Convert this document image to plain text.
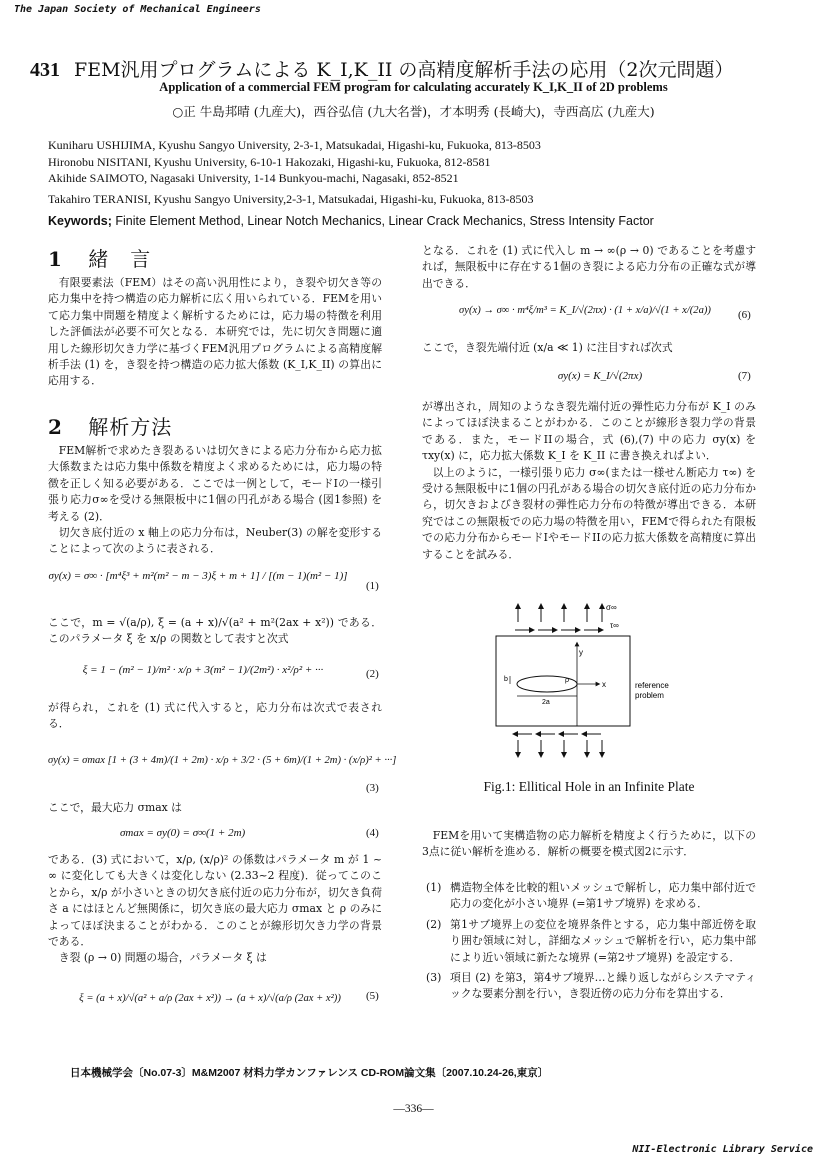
The Japan Society of Mechanical Engineers
431 FEM汎用プログラムによる K_I,K_II の高精度解析手法の応用（2次元問題）
Application of a commercial FEM program for calculating accurately K_I,K_II of 2D problems
○正 牛島邦晴 (九産大)，西谷弘信 (九大名誉)，才本明秀 (長崎大)，寺西高広 (九産大)
Kuniharu USHIJIMA, Kyushu Sangyo University, 2-3-1, Matsukadai, Higashi-ku, Fukuoka, 813-8503
Hironobu NISITANI, Kyushu University, 6-10-1 Hakozaki, Higashi-ku, Fukuoka, 812-8581
Akihide SAIMOTO, Nagasaki University, 1-14 Bunkyou-machi, Nagasaki, 852-8521
Takahiro TERANISI, Kyushu Sangyo University,2-3-1, Matsukadai, Higashi-ku, Fukuoka, 813-8503
Keywords; Finite Element Method, Linear Notch Mechanics, Linear Crack Mechanics, Stress Intensity Factor
1 緒　言

有限要素法（FEM）はその高い汎用性により，き裂や切欠き等の応力集中を持つ構造の応力解析に広く用いられている．FEMを用いて応力集中問題を精度よく解析するためには，応力場の特徴を利用した評価法が必要不可欠となる．本研究では，先に切欠き問題に適用した線形切欠き力学に基づくFEM汎用プログラムによる高精度解析手法 (1) を，き裂を持つ構造の応力拡大係数 (K_I,K_II) の算出に応用する．

2 解析方法

FEM解析で求めたき裂あるいは切欠きによる応力分布から応力拡大係数または応力集中係数を精度よく求めるためには，応力場の特徴を正しく知る必要がある．ここでは一例として，モードIの一様引張り応力σ∞を受ける無限板中に1個の円孔がある場合 (図1参照) を考える (2)．

切欠き底付近の x 軸上の応力分布は，Neuber(3) の解を変形することによって次のように表される．

σy(x) = σ∞ · [m⁴ξ³ + m²(m² − m − 3)ξ + m + 1] / [(m − 1)(m² − 1)]
(1)

ここで，m = √(a/ρ), ξ = (a + x)/√(a² + m²(2ax + x²)) である．このパラメータ ξ を x/ρ の関数として表すと次式

ξ = 1 − (m² − 1)/m² · x/ρ + 3(m² − 1)/(2m²) · x²/ρ² + ···	(2)

が得られ，これを (1) 式に代入すると，応力分布は次式で表される．

σy(x) = σmax [1 + (3 + 4m)/(1 + 2m) · x/ρ + 3/2 · (5 + 6m)/(1 + 2m) · (x/ρ)² + ···]
(3)

ここで，最大応力 σmax は

σmax = σy(0) = σ∞(1 + 2m)	(4)

である．(3) 式において，x/ρ, (x/ρ)² の係数はパラメータ m が 1 ~ ∞ に変化しても大きくは変化しない (2.33~2 程度)．従ってこのことから，x/ρ が小さいときの切欠き底付近の応力分布が，切欠き負荷さ a にはほとんど無関係に，切欠き底の最大応力 σmax と ρ のみによってほぼ決まることがわかる．このことが線形切欠き力学の背景である．

き裂 (ρ → 0) 問題の場合，パラメータ ξ は

ξ = (a + x)/√(a² + a/ρ (2ax + x²)) → (a + x)/√(a/ρ (2ax + x²))	(5)

となる．これを (1) 式に代入し m → ∞(ρ → 0) であることを考慮すれば，無限板中に存在する1個のき裂による応力分布の正確な式が導出できる．

σy(x) → σ∞ · m⁴ξ/m³ = K_I/√(2πx) · (1 + x/a)/√(1 + x/(2a))	(6)

ここで，き裂先端付近 (x/a ≪ 1) に注目すれば次式

σy(x) = K_I/√(2πx)	(7)

が導出され，周知のようなき裂先端付近の弾性応力分布が K_I のみによってほぼ決まることがわかる．このことが線形き裂力学の背景である．また，モードIIの場合，式 (6),(7) 中の応力 σy(x) を τxy(x) に，応力拡大係数 K_I を K_II に書き換えればよい．

以上のように，一様引張り応力 σ∞(または一様せん断応力 τ∞) を受ける無限板中に1個の円孔がある場合の切欠き底付近の応力分布から，切欠きおよびき裂材の弾性応力分布の特徴が導出できる．本研究ではこの無限板での応力場の特徴を用い，FEMで得られた有限板での応力分布からモードIやモードIIの応力拡大係数を高精度に算出することを試みる．

σ∞
τ∞
y
x
b	ρ
2a
reference
problem
Fig.1: Ellitical Hole in an Infinite Plate

FEMを用いて実構造物の応力解析を精度よく行うために，以下の3点に従い解析を進める．解析の概要を模式図2に示す．

(1) 構造物全体を比較的粗いメッシュで解析し，応力集中部付近で応力の変化が小さい境界 (=第1サブ境界) を求める．
(2) 第1サブ境界上の変位を境界条件とする，応力集中部近傍を取り囲む領域に対し，詳細なメッシュで解析を行い，応力集中部により近い領域に新たな境界 (=第2サブ境界) を設定する．
(3) 項目 (2) を第3，第4サブ境界…と繰り返しながらシステマティックな要素分割を行い，き裂近傍の応力分布を算出する．
日本機械学会〔No.07-3〕M&M2007 材料力学カンファレンス CD-ROM論文集〔2007.10.24-26,東京〕
—336—
NII-Electronic Library Service
